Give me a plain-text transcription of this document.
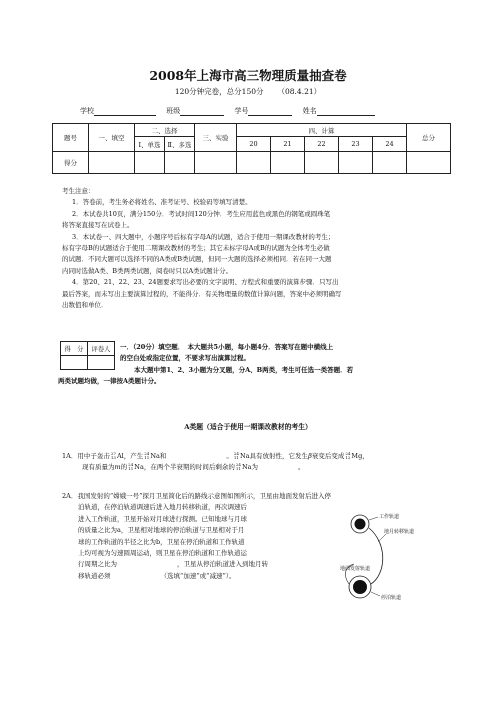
2008年上海市高三物理质量抽查卷
120分钟完卷，总分150分 （08.4.21）
学校	班级	学号	姓名
题号	一、填空	二、选择		三、实验	四、计算					总分
		Ⅰ、单选	Ⅱ、多选		20	21	22	23	24	
得分										

考生注意：

1．答卷前，考生务必将姓名、准考证号、校验码等填写清楚。

2．本试卷共10页，满分150分．考试时间120分钟．考生应用蓝色或黑色的钢笔或圆珠笔

将答案直接写在试卷上。

3．本试卷一、四大题中，小题序号后标有字母A的试题，适合于使用一期课改教材的考生；

标有字母B的试题适合于使用二期课改教材的考生；其它未标字母A或B的试题为全体考生必做

的试题．不同大题可以选择不同的A类或B类试题，但同一大题的选择必须相同．若在同一大题

内同时选做A类、B类两类试题，阅卷时只以A类试题计分。

4．第20、21、22、23、24题要求写出必要的文字说明、方程式和重要的演算步骤．只写出

最后答案，而未写出主要演算过程的，不能得分．有关物理量的数值计算问题，答案中必须明确写

出数值和单位．

得　分	评卷人
	一．（20分）填空题．　本大题共5小题，每小题4分．答案写在题中横线上

的空白处或指定位置，不要求写出演算过程。

本大题中第1、2、3小题为分叉题，分A、B两类，考生可任选一类答题．若

两类试题均做，一律按A类题计分。

A类题（适合于使用一期课改教材的考生）

1A．用中子轰击 27
13 Al，产生 24
11 Na和	。 24
11 Na具有放射性，它发生β衰变后变成 24
12 Mg，

现有质量为m的 24
11 Na，在两个半衰期的时间后剩余的 24
11 Na为	。

2A．我国发射的“嫦娥一号”探月卫星简化后的路线示意图如图所示，卫星由地面发射后进入停
泊轨道，在停泊轨道调速后进入地月转移轨道，再次调速后
进入工作轨道，卫星开始对月球进行探测。已知地球与月球
的质量之比为a，卫星相对地球的停泊轨道与卫星相对于月
球的工作轨道的半径之比为b，卫星在停泊轨道和工作轨道
上均可视为匀速圆周运动，则卫星在停泊轨道和工作轨道运
行周期之比为	，卫星从停泊轨道进入到地月转
移轨道必须	（选填“加速”或“减速”）。
工作轨道
地月转移轨道
地面发射轨道
停泊轨道
